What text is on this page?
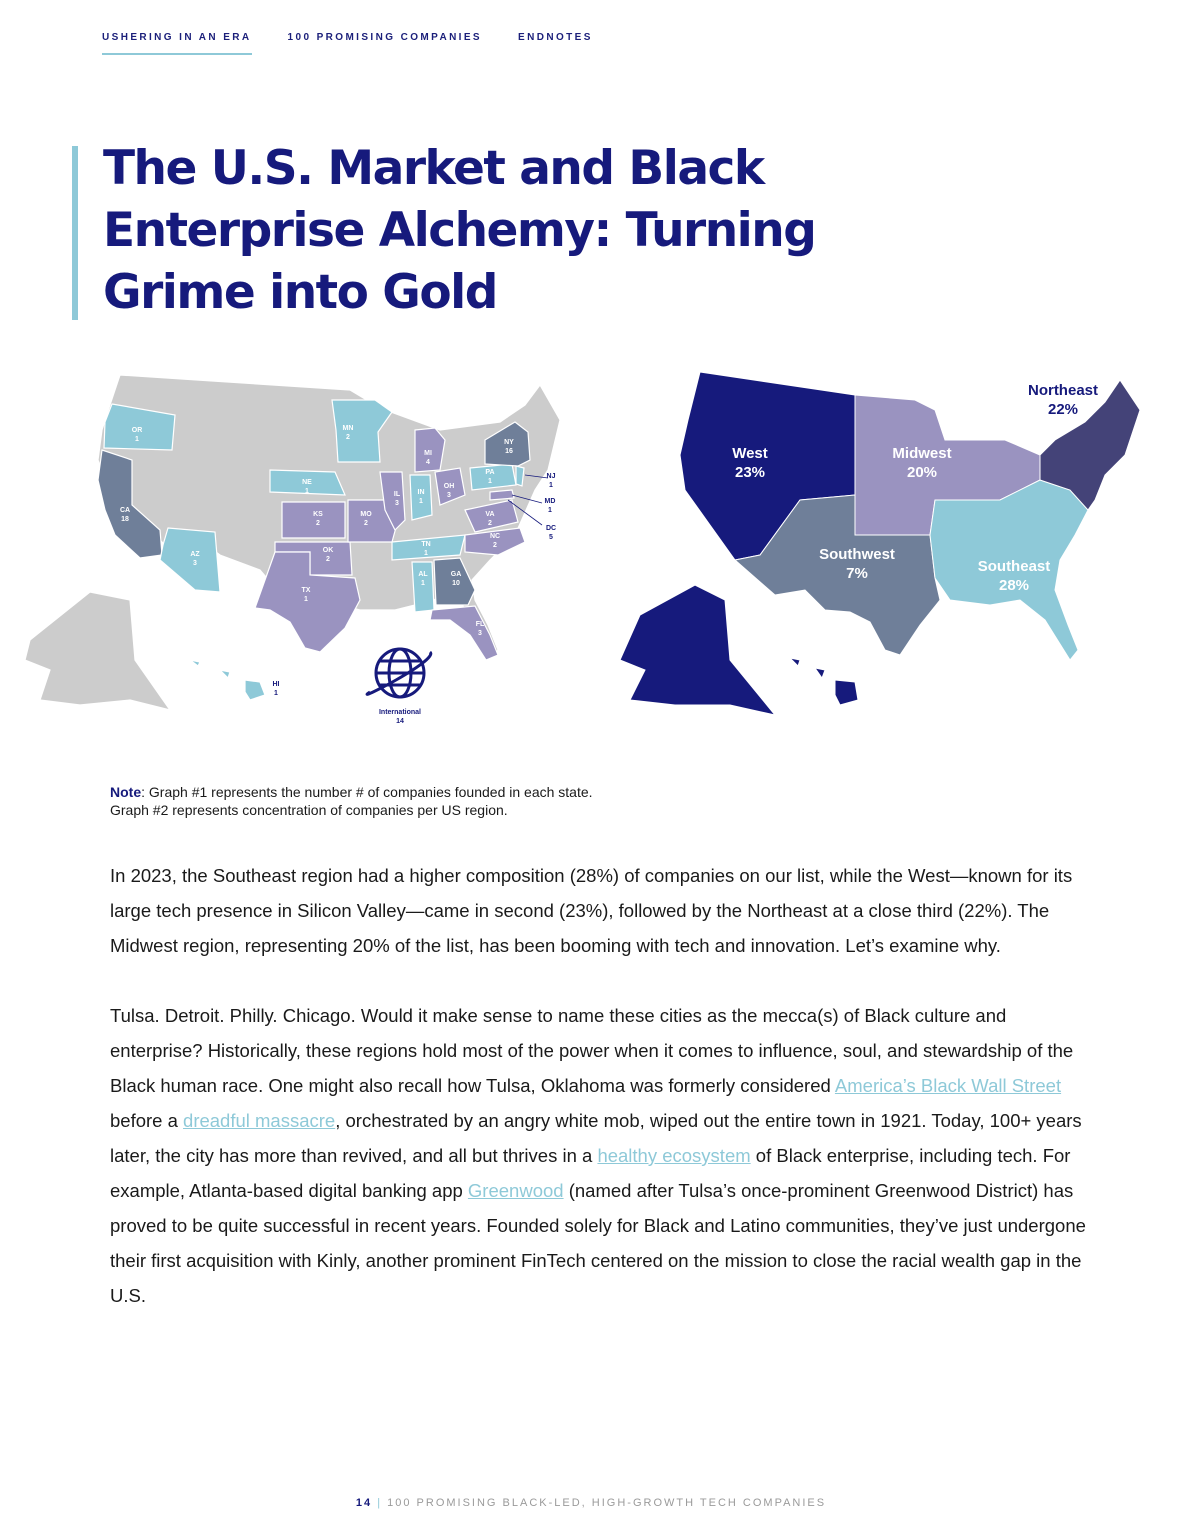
USHERING IN AN ERA	100 PROMISING COMPANIES	ENDNOTES
The U.S. Market and Black Enterprise Alchemy: Turning Grime into Gold
OR
1
CA
18
AZ
3
MN
2
NE
1
KS
2
OK
2
TX
1
MO
2
IL
3
MI
4
IN
1
OH
3
TN
1
AL
1
GA
10
FL
3
VA
2
NC
2
PA
1
NY
16
NJ
1
MD
1
DC
5
HI
1
International
14
Northeast
22%
West
23%
Midwest
20%
Southwest
7%	Southeast
28%
Note: Graph #1 represents the number # of companies founded in each state.
Graph #2 represents concentration of companies per US region.

In 2023, the Southeast region had a higher composition (28%) of companies on our list, while the West—known for its large tech presence in Silicon Valley—came in second (23%), followed by the Northeast at a close third (22%). The Midwest region, representing 20% of the list, has been booming with tech and innovation. Let’s examine why.

Tulsa. Detroit. Philly. Chicago. Would it make sense to name these cities as the mecca(s) of Black culture and enterprise? Historically, these regions hold most of the power when it comes to influence, soul, and stewardship of the Black human race. One might also recall how Tulsa, Oklahoma was formerly considered America’s Black Wall Street before a dreadful massacre, orchestrated by an angry white mob, wiped out the entire town in 1921. Today, 100+ years later, the city has more than revived, and all but thrives in a healthy ecosystem of Black enterprise, including tech. For example, Atlanta-based digital banking app Greenwood (named after Tulsa’s once-prominent Greenwood District) has proved to be quite successful in recent years. Founded solely for Black and Latino communities, they’ve just undergone their first acquisition with Kinly, another prominent FinTech centered on the mission to close the racial wealth gap in the U.S.

14 | 100 PROMISING BLACK-LED, HIGH-GROWTH TECH COMPANIES
